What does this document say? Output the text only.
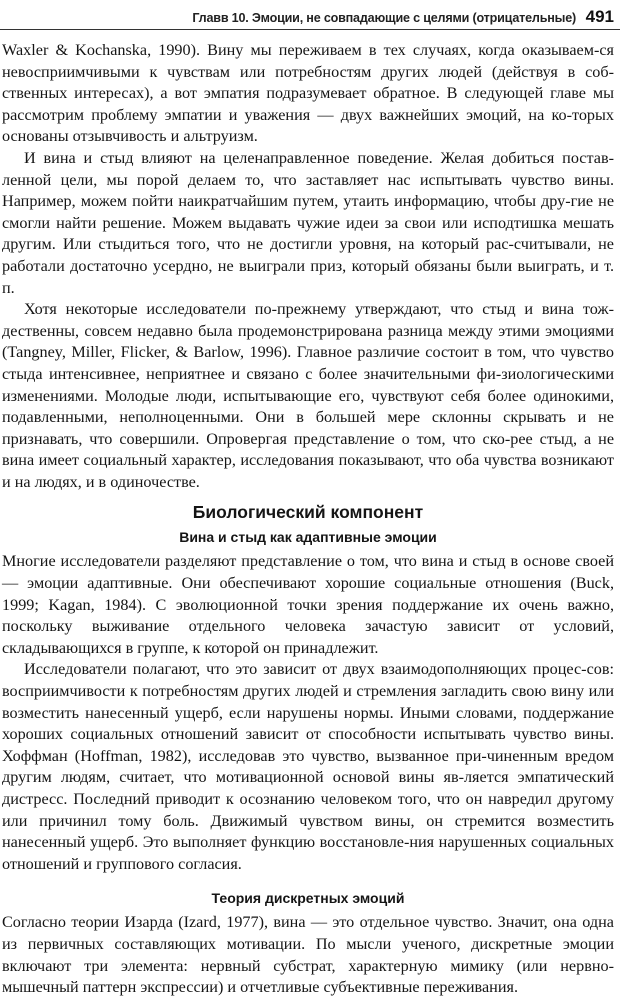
Главв 10. Эмоции, не совпадающие с целями (отрицательные) 491

Waxler & Kochanska, 1990). Вину мы переживаем в тех случаях, когда оказываем-ся невосприимчивыми к чувствам или потребностям других людей (действуя в соб-ственных интересах), а вот эмпатия подразумевает обратное. В следующей главе мы рассмотрим проблему эмпатии и уважения — двух важнейших эмоций, на ко-торых основаны отзывчивость и альтруизм.

И вина и стыд влияют на целенаправленное поведение. Желая добиться постав-ленной цели, мы порой делаем то, что заставляет нас испытывать чувство вины. Например, можем пойти наикратчайшим путем, утаить информацию, чтобы дру-гие не смогли найти решение. Можем выдавать чужие идеи за свои или исподтишка мешать другим. Или стыдиться того, что не достигли уровня, на который рас-считывали, не работали достаточно усердно, не выиграли приз, который обязаны были выиграть, и т. п.

Хотя некоторые исследователи по-прежнему утверждают, что стыд и вина тож-дественны, совсем недавно была продемонстрирована разница между этими эмоциями (Tangney, Miller, Flicker, & Barlow, 1996). Главное различие состоит в том, что чувство стыда интенсивнее, неприятнее и связано с более значительными фи-зиологическими изменениями. Молодые люди, испытывающие его, чувствуют себя более одинокими, подавленными, неполноценными. Они в большей мере склонны скрывать и не признавать, что совершили. Опровергая представление о том, что ско-рее стыд, а не вина имеет социальный характер, исследования показывают, что оба чувства возникают и на людях, и в одиночестве.

Биологический компонент
Вина и стыд как адаптивные эмоции

Многие исследователи разделяют представление о том, что вина и стыд в основе своей — эмоции адаптивные. Они обеспечивают хорошие социальные отношения (Buck, 1999; Kagan, 1984). С эволюционной точки зрения поддержание их очень важно, поскольку выживание отдельного человека зачастую зависит от условий, складывающихся в группе, к которой он принадлежит.

Исследователи полагают, что это зависит от двух взаимодополняющих процес-сов: восприимчивости к потребностям других людей и стремления загладить свою вину или возместить нанесенный ущерб, если нарушены нормы. Иными словами, поддержание хороших социальных отношений зависит от способности испытывать чувство вины. Хоффман (Hoffman, 1982), исследовав это чувство, вызванное при-чиненным вредом другим людям, считает, что мотивационной основой вины яв-ляется эмпатический дистресс. Последний приводит к осознанию человеком того, что он навредил другому или причинил тому боль. Движимый чувством вины, он стремится возместить нанесенный ущерб. Это выполняет функцию восстановле-ния нарушенных социальных отношений и группового согласия.

Теория дискретных эмоций

Согласно теории Изарда (Izard, 1977), вина — это отдельное чувство. Значит, она одна из первичных составляющих мотивации. По мысли ученого, дискретные эмоции включают три элемента: нервный субстрат, характерную мимику (или нервно-мышечный паттерн экспрессии) и отчетливые субъективные переживания.
